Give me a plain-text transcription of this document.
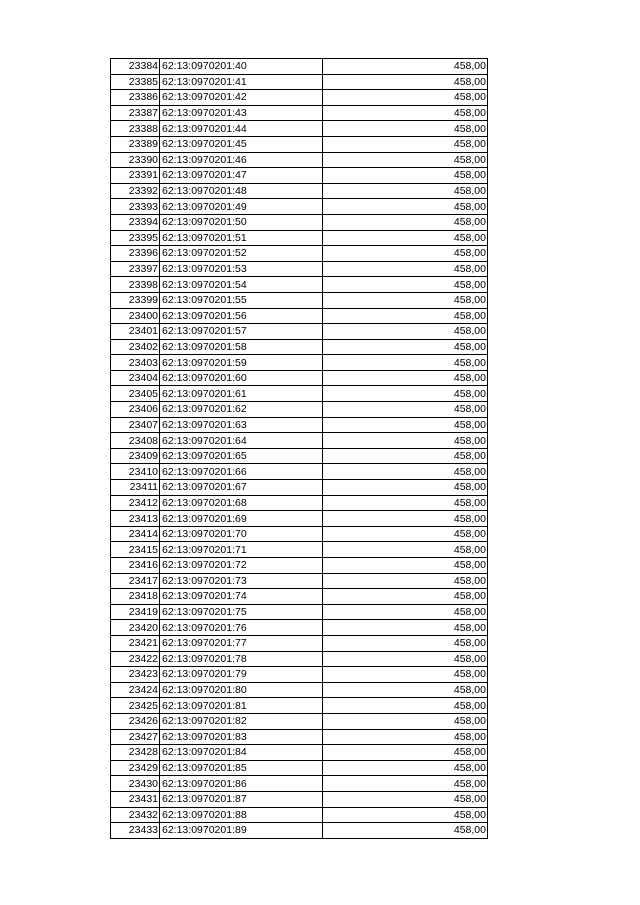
23384	62:13:0970201:40	458,00
23385	62:13:0970201:41	458,00
23386	62:13:0970201:42	458,00
23387	62:13:0970201:43	458,00
23388	62:13:0970201:44	458,00
23389	62:13:0970201:45	458,00
23390	62:13:0970201:46	458,00
23391	62:13:0970201:47	458,00
23392	62:13:0970201:48	458,00
23393	62:13:0970201:49	458,00
23394	62:13:0970201:50	458,00
23395	62:13:0970201:51	458,00
23396	62:13:0970201:52	458,00
23397	62:13:0970201:53	458,00
23398	62:13:0970201:54	458,00
23399	62:13:0970201:55	458,00
23400	62:13:0970201:56	458,00
23401	62:13:0970201:57	458,00
23402	62:13:0970201:58	458,00
23403	62:13:0970201:59	458,00
23404	62:13:0970201:60	458,00
23405	62:13:0970201:61	458,00
23406	62:13:0970201:62	458,00
23407	62:13:0970201:63	458,00
23408	62:13:0970201:64	458,00
23409	62:13:0970201:65	458,00
23410	62:13:0970201:66	458,00
23411	62:13:0970201:67	458,00
23412	62:13:0970201:68	458,00
23413	62:13:0970201:69	458,00
23414	62:13:0970201:70	458,00
23415	62:13:0970201:71	458,00
23416	62:13:0970201:72	458,00
23417	62:13:0970201:73	458,00
23418	62:13:0970201:74	458,00
23419	62:13:0970201:75	458,00
23420	62:13:0970201:76	458,00
23421	62:13:0970201:77	458,00
23422	62:13:0970201:78	458,00
23423	62:13:0970201:79	458,00
23424	62:13:0970201:80	458,00
23425	62:13:0970201:81	458,00
23426	62:13:0970201:82	458,00
23427	62:13:0970201:83	458,00
23428	62:13:0970201:84	458,00
23429	62:13:0970201:85	458,00
23430	62:13:0970201:86	458,00
23431	62:13:0970201:87	458,00
23432	62:13:0970201:88	458,00
23433	62:13:0970201:89	458,00
